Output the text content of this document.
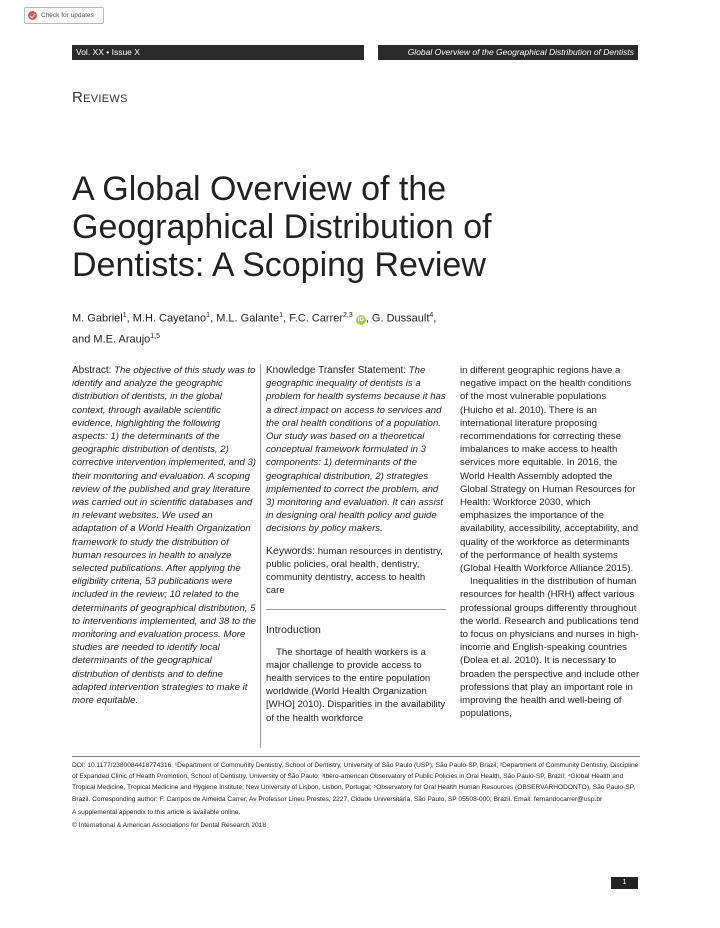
Check for updates
Vol. XX • Issue X	Global Overview of the Geographical Distribution of Dentists
Reviews
A Global Overview of the Geographical Distribution of Dentists: A Scoping Review
M. Gabriel$^1$, M.H. Cayetano$^1$, M.L. Galante$^1$, F.C. Carrer$^{2,3}$ iD , G. Dussault$^4$,
and M.E. Araujo$^{1,5}$

Abstract: The objective of this study was to identify and analyze the geographic distribution of dentists, in the global context, through available scientific evidence, highlighting the following aspects: 1) the determinants of the geographic distribution of dentists, 2) corrective intervention implemented, and 3) their monitoring and evaluation. A scoping review of the published and gray literature was carried out in scientific databases and in relevant websites. We used an adaptation of a World Health Organization framework to study the distribution of human resources in health to analyze selected publications. After applying the eligibility criteria, 53 publications were included in the review; 10 related to the determinants of geographical distribution, 5 to interventions implemented, and 38 to the monitoring and evaluation process. More studies are needed to identify local determinants of the geographical distribution of dentists and to define adapted intervention strategies to make it more equitable.

Knowledge Transfer Statement: The geographic inequality of dentists is a problem for health systems because it has a direct impact on access to services and the oral health conditions of a population. Our study was based on a theoretical conceptual framework formulated in 3 components: 1) determinants of the geographical distribution, 2) strategies implemented to correct the problem, and 3) monitoring and evaluation. It can assist in designing oral health policy and guide decisions by policy makers.

Keywords: human resources in dentistry, public policies, oral health, dentistry, community dentistry, access to health care

Introduction

The shortage of health workers is a major challenge to provide access to health services to the entire population worldwide (World Health Organization [WHO] 2010). Disparities in the availability of the health workforce

in different geographic regions have a negative impact on the health conditions of the most vulnerable populations (Huicho et al. 2010). There is an international literature proposing recommendations for correcting these imbalances to make access to health services more equitable. In 2016, the World Health Assembly adopted the Global Strategy on Human Resources for Health: Workforce 2030, which emphasizes the importance of the availability, accessibility, acceptability, and quality of the workforce as determinants of the performance of health systems (Global Health Workforce Alliance 2015).

Inequalities in the distribution of human resources for health (HRH) affect various professional groups differently throughout the world. Research and publications tend to focus on physicians and nurses in high-income and English-speaking countries (Dolea et al. 2010). It is necessary to broaden the perspective and include other professions that play an important role in improving the health and well-being of populations,

DOI: 10.1177/2380084418774316. ¹Department of Community Dentistry, School of Dentistry, University of São Paulo (USP), São Paulo-SP, Brazil; ²Department of Community Dentistry, Discipline of Expanded Clinic of Health Promotion, School of Dentistry, University of São Paulo; ³Ibero-american Observatory of Public Policies in Oral Health, São Paulo-SP, Brazil; ⁴Global Health and Tropical Medicine, Tropical Medicine and Hygiene Institute, New University of Lisbon, Lisbon, Portugal; ⁵Observatory for Oral Health Human Resources (OBSERVARHODONTO), São Paulo-SP, Brazil. Corresponding author: F. Campos de Almeida Carrer, Av Professor Lineu Prestes, 2227, Cidade Universitária, São Paulo, SP 05508-000, Brazil. Email: fernandocarrer@usp.br

A supplemental appendix to this article is available online.

© International & American Associations for Dental Research 2018

1
